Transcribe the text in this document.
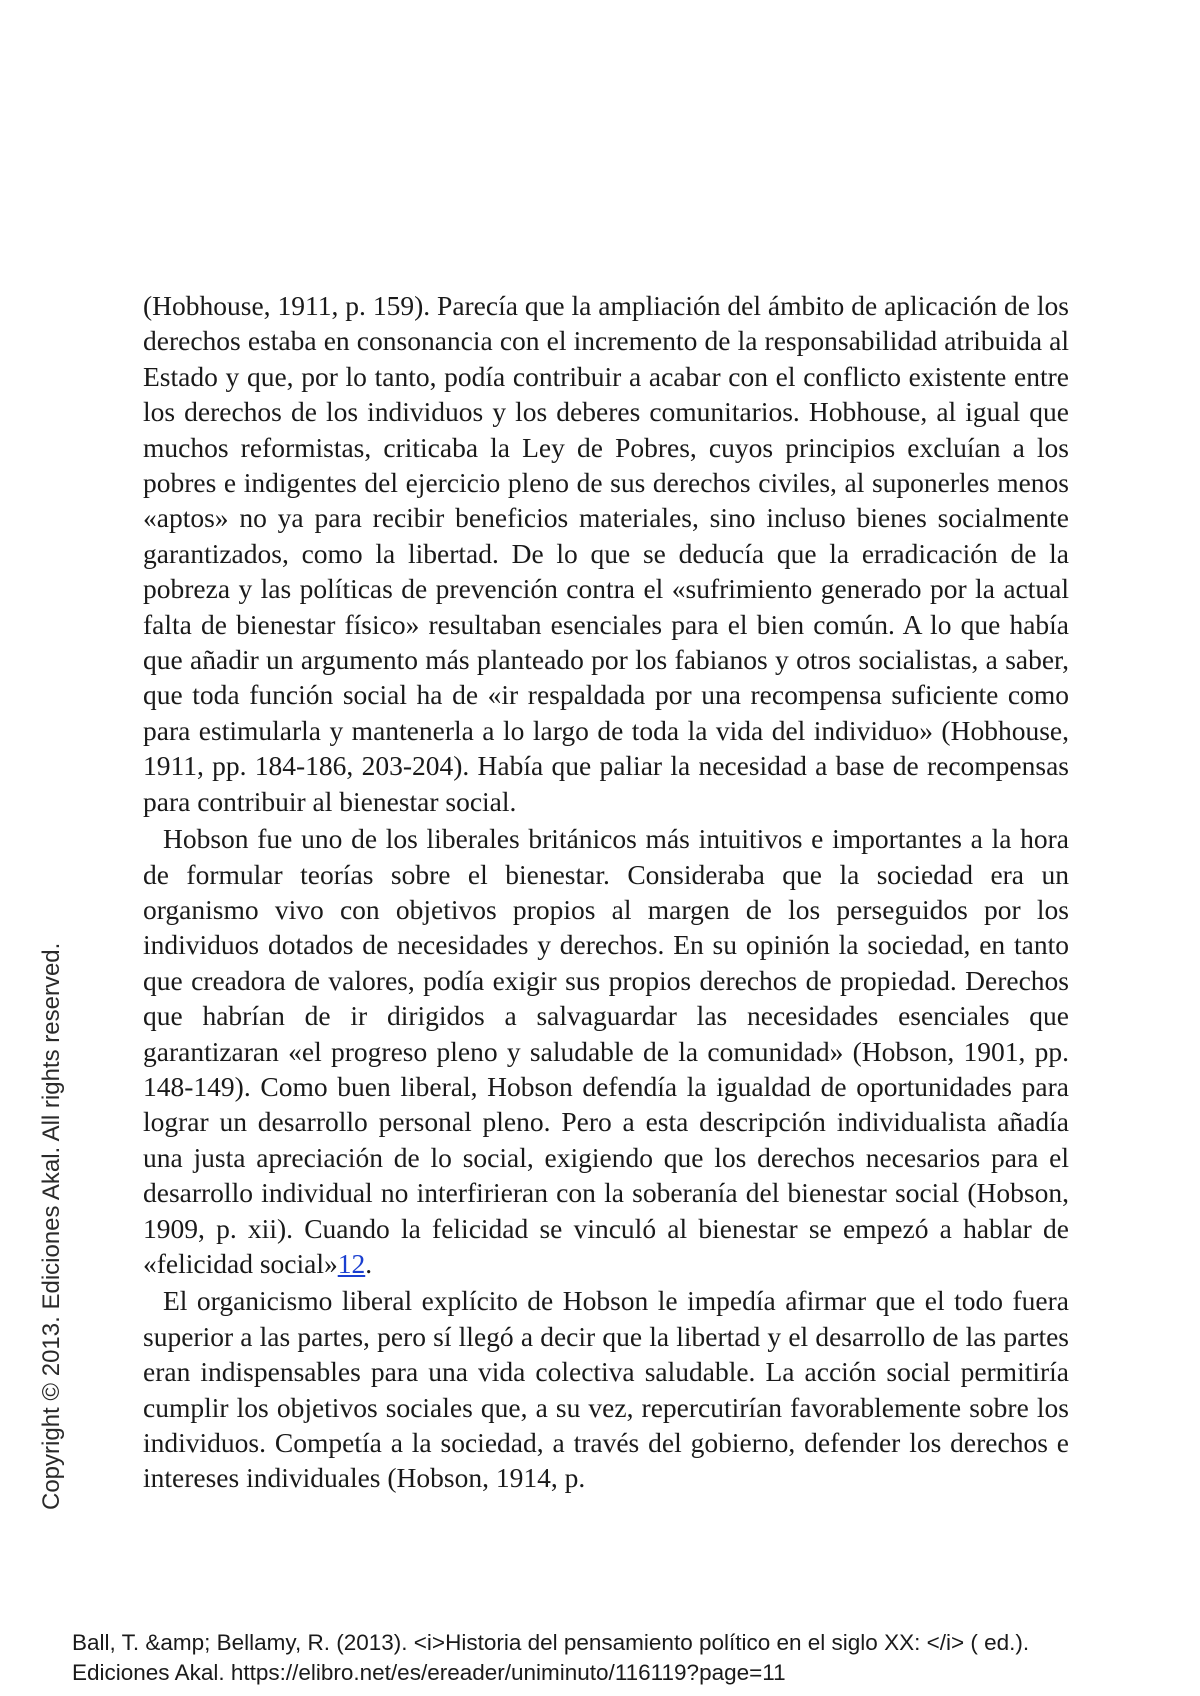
(Hobhouse, 1911, p. 159). Parecía que la ampliación del ámbito de aplicación de los derechos estaba en consonancia con el incremento de la responsabilidad atribuida al Estado y que, por lo tanto, podía contribuir a acabar con el conflicto existente entre los derechos de los individuos y los deberes comunitarios. Hobhouse, al igual que muchos reformistas, criticaba la Ley de Pobres, cuyos principios excluían a los pobres e indigentes del ejercicio pleno de sus derechos civiles, al suponerles menos «aptos» no ya para recibir beneficios materiales, sino incluso bienes socialmente garantizados, como la libertad. De lo que se deducía que la erradicación de la pobreza y las políticas de prevención contra el «sufrimiento generado por la actual falta de bienestar físico» resultaban esenciales para el bien común. A lo que había que añadir un argumento más planteado por los fabianos y otros socialistas, a saber, que toda función social ha de «ir respaldada por una recompensa suficiente como para estimularla y mantenerla a lo largo de toda la vida del individuo» (Hobhouse, 1911, pp. 184-186, 203-204). Había que paliar la necesidad a base de recompensas para contribuir al bienestar social.

Hobson fue uno de los liberales británicos más intuitivos e importantes a la hora de formular teorías sobre el bienestar. Consideraba que la sociedad era un organismo vivo con objetivos propios al margen de los perseguidos por los individuos dotados de necesidades y derechos. En su opinión la sociedad, en tanto que creadora de valores, podía exigir sus propios derechos de propiedad. Derechos que habrían de ir dirigidos a salvaguardar las necesidades esenciales que garantizaran «el progreso pleno y saludable de la comunidad» (Hobson, 1901, pp. 148-149). Como buen liberal, Hobson defendía la igualdad de oportunidades para lograr un desarrollo personal pleno. Pero a esta descripción individualista añadía una justa apreciación de lo social, exigiendo que los derechos necesarios para el desarrollo individual no interfirieran con la soberanía del bienestar social (Hobson, 1909, p. xii). Cuando la felicidad se vinculó al bienestar se empezó a hablar de «felicidad social»12.

El organicismo liberal explícito de Hobson le impedía afirmar que el todo fuera superior a las partes, pero sí llegó a decir que la libertad y el desarrollo de las partes eran indispensables para una vida colectiva saludable. La acción social permitiría cumplir los objetivos sociales que, a su vez, repercutirían favorablemente sobre los individuos. Competía a la sociedad, a través del gobierno, defender los derechos e intereses individuales (Hobson, 1914, p.

Copyright © 2013. Ediciones Akal. All rights reserved.
Ball, T. &amp; Bellamy, R. (2013). <i>Historia del pensamiento político en el siglo XX: </i> ( ed.).
Ediciones Akal. https://elibro.net/es/ereader/uniminuto/116119?page=11
